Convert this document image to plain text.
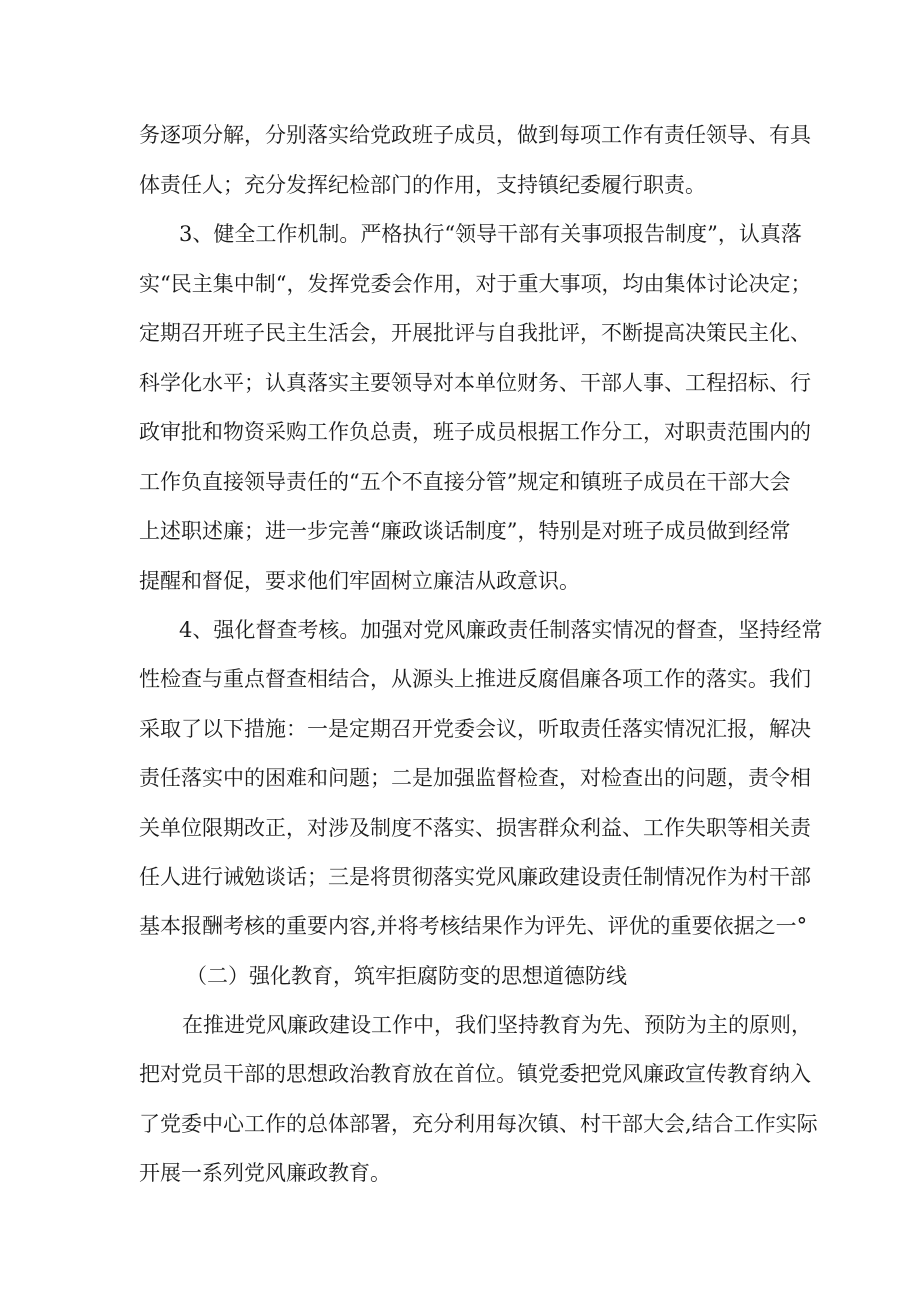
务逐项分解，分别落实给党政班子成员，做到每项工作有责任领导、有具

体责任人；充分发挥纪检部门的作用，支持镇纪委履行职责。

3、健全工作机制。严格执行“领导干部有关事项报告制度”，认真落

实“民主集中制“，发挥党委会作用，对于重大事项，均由集体讨论决定；

定期召开班子民主生活会，开展批评与自我批评，不断提高决策民主化、

科学化水平；认真落实主要领导对本单位财务、干部人事、工程招标、行

政审批和物资采购工作负总责，班子成员根据工作分工，对职责范围内的

工作负直接领导责任的“五个不直接分管”规定和镇班子成员在干部大会

上述职述廉；进一步完善“廉政谈话制度”，特别是对班子成员做到经常

提醒和督促，要求他们牢固树立廉洁从政意识。

4、强化督查考核。加强对党风廉政责任制落实情况的督查，坚持经常

性检查与重点督查相结合，从源头上推进反腐倡廉各项工作的落实。我们

采取了以下措施：一是定期召开党委会议，听取责任落实情况汇报，解决

责任落实中的困难和问题；二是加强监督检查，对检查出的问题，责令相

关单位限期改正，对涉及制度不落实、损害群众利益、工作失职等相关责

任人进行诫勉谈话；三是将贯彻落实党风廉政建设责任制情况作为村干部

基本报酬考核的重要内容,并将考核结果作为评先、评优的重要依据之一°

（二）强化教育，筑牢拒腐防变的思想道德防线

在推进党风廉政建设工作中，我们坚持教育为先、预防为主的原则，

把对党员干部的思想政治教育放在首位。镇党委把党风廉政宣传教育纳入

了党委中心工作的总体部署，充分利用每次镇、村干部大会,结合工作实际

开展一系列党风廉政教育。
